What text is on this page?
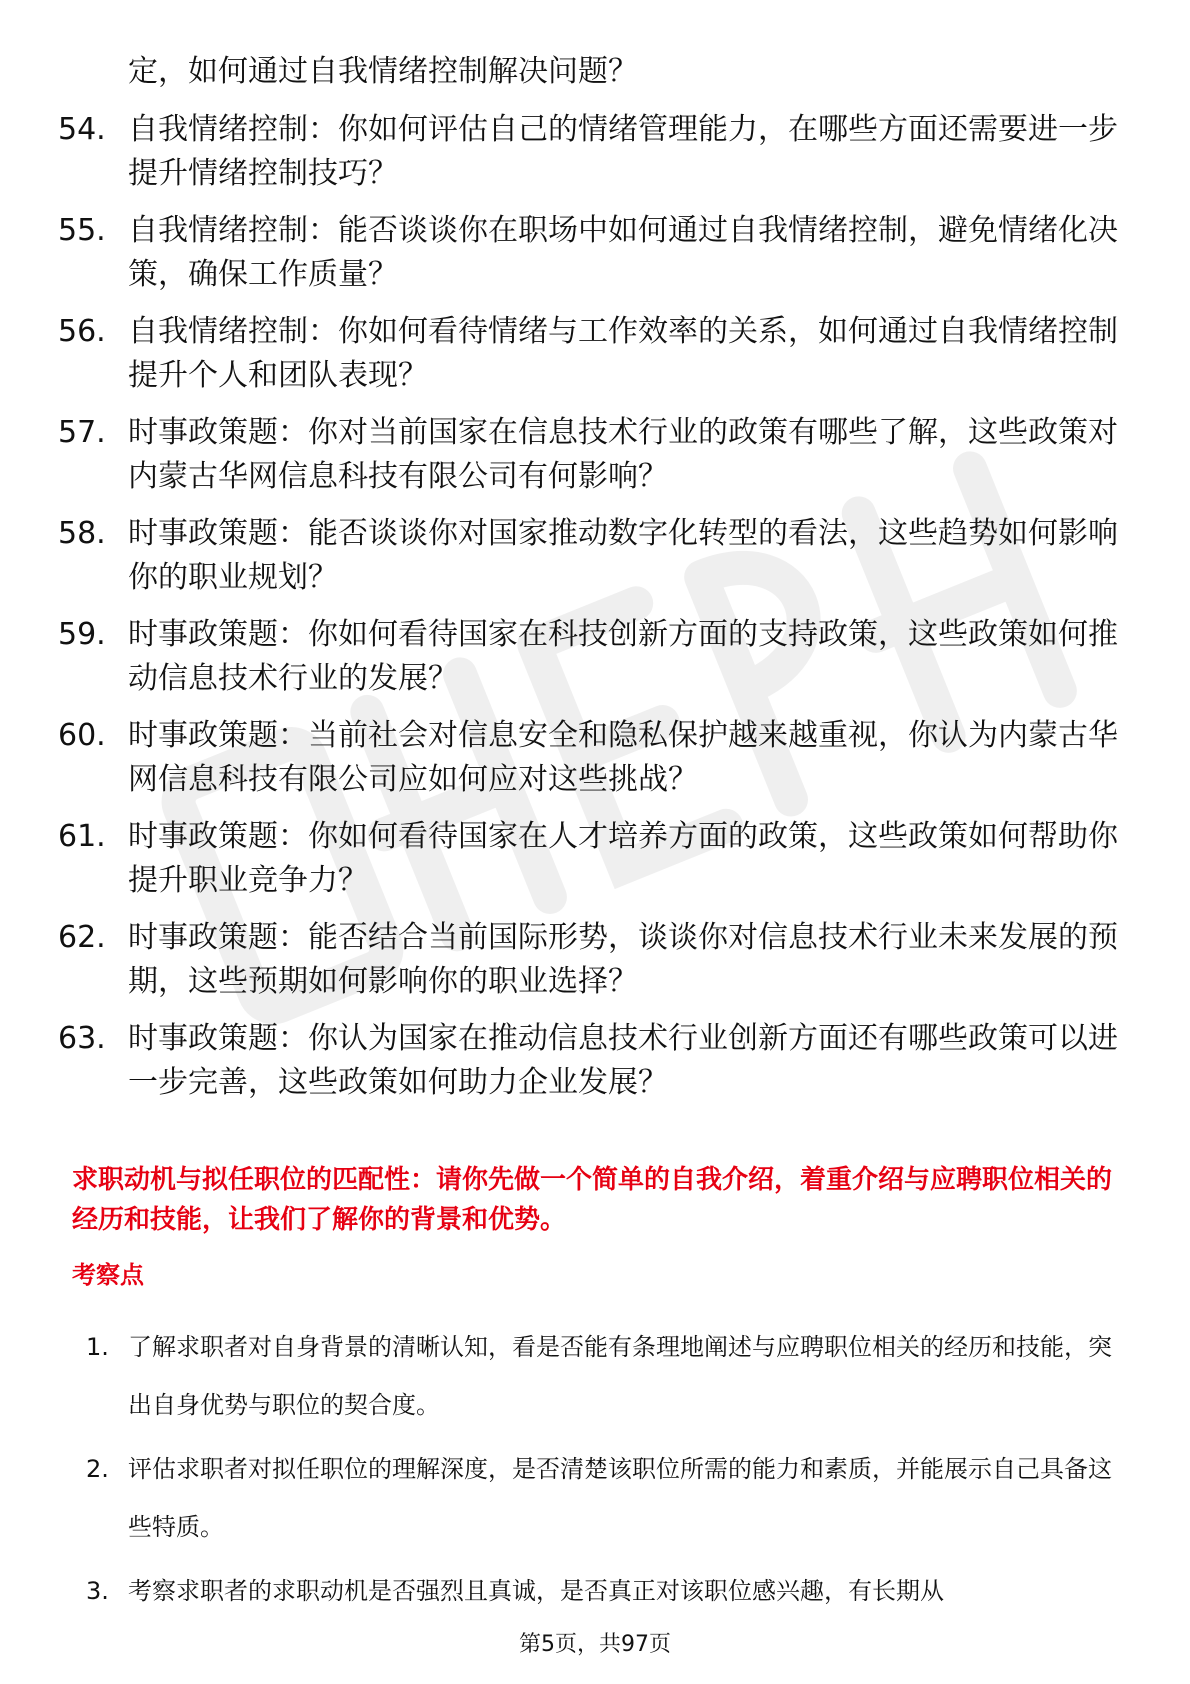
定，如何通过自我情绪控制解决问题？
54. 自我情绪控制：你如何评估自己的情绪管理能力，在哪些方面还需要进一步提升情绪控制技巧？
55. 自我情绪控制：能否谈谈你在职场中如何通过自我情绪控制，避免情绪化决策，确保工作质量？
56. 自我情绪控制：你如何看待情绪与工作效率的关系，如何通过自我情绪控制提升个人和团队表现？
57. 时事政策题：你对当前国家在信息技术行业的政策有哪些了解，这些政策对内蒙古华网信息科技有限公司有何影响？
58. 时事政策题：能否谈谈你对国家推动数字化转型的看法，这些趋势如何影响你的职业规划？
59. 时事政策题：你如何看待国家在科技创新方面的支持政策，这些政策如何推动信息技术行业的发展？
60. 时事政策题：当前社会对信息安全和隐私保护越来越重视，你认为内蒙古华网信息科技有限公司应如何应对这些挑战？
61. 时事政策题：你如何看待国家在人才培养方面的政策，这些政策如何帮助你提升职业竞争力？
62. 时事政策题：能否结合当前国际形势，谈谈你对信息技术行业未来发展的预期，这些预期如何影响你的职业选择？
63. 时事政策题：你认为国家在推动信息技术行业创新方面还有哪些政策可以进一步完善，这些政策如何助力企业发展？
求职动机与拟任职位的匹配性：请你先做一个简单的自我介绍，着重介绍与应聘职位相关的经历和技能，让我们了解你的背景和优势。
考察点
1. 了解求职者对自身背景的清晰认知，看是否能有条理地阐述与应聘职位相关的经历和技能，突出自身优势与职位的契合度。
2. 评估求职者对拟任职位的理解深度，是否清楚该职位所需的能力和素质，并能展示自己具备这些特质。
3. 考察求职者的求职动机是否强烈且真诚，是否真正对该职位感兴趣，有长期从
第5页，共97页
